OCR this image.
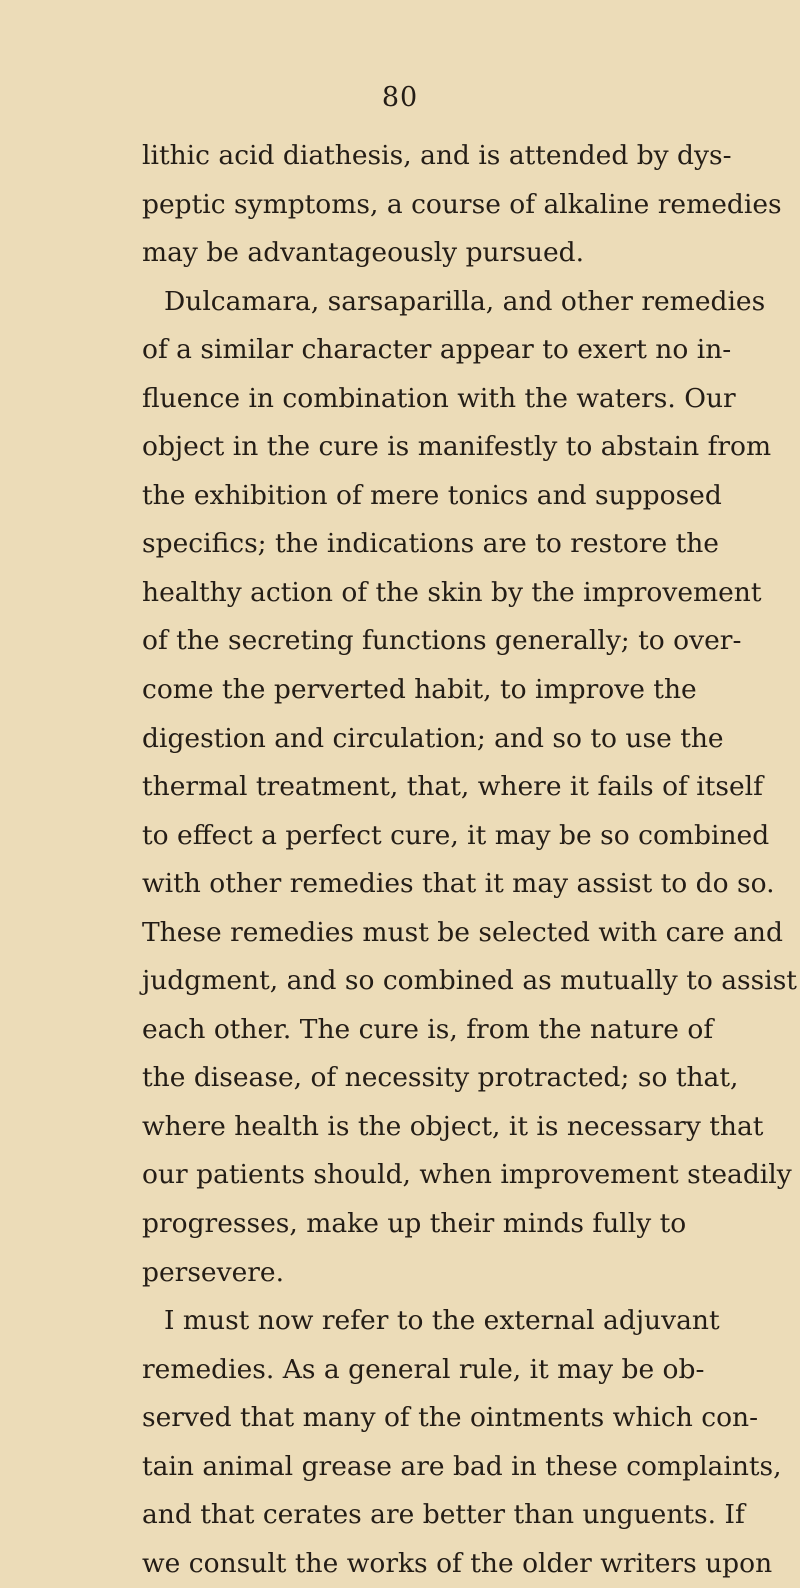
80
lithic acid diathesis, and is attended by dys-
peptic symptoms, a course of alkaline remedies
may be advantageously pursued.
Dulcamara, sarsaparilla, and other remedies
of a similar character appear to exert no in-
fluence in combination with the waters. Our
object in the cure is manifestly to abstain from
the exhibition of mere tonics and supposed
specifics; the indications are to restore the
healthy action of the skin by the improvement
of the secreting functions generally; to over-
come the perverted habit, to improve the
digestion and circulation; and so to use the
thermal treatment, that, where it fails of itself
to effect a perfect cure, it may be so combined
with other remedies that it may assist to do so.
These remedies must be selected with care and
judgment, and so combined as mutually to assist
each other. The cure is, from the nature of
the disease, of necessity protracted; so that,
where health is the object, it is necessary that
our patients should, when improvement steadily
progresses, make up their minds fully to
persevere.
I must now refer to the external adjuvant
remedies. As a general rule, it may be ob-
served that many of the ointments which con-
tain animal grease are bad in these complaints,
and that cerates are better than unguents. If
we consult the works of the older writers upon
